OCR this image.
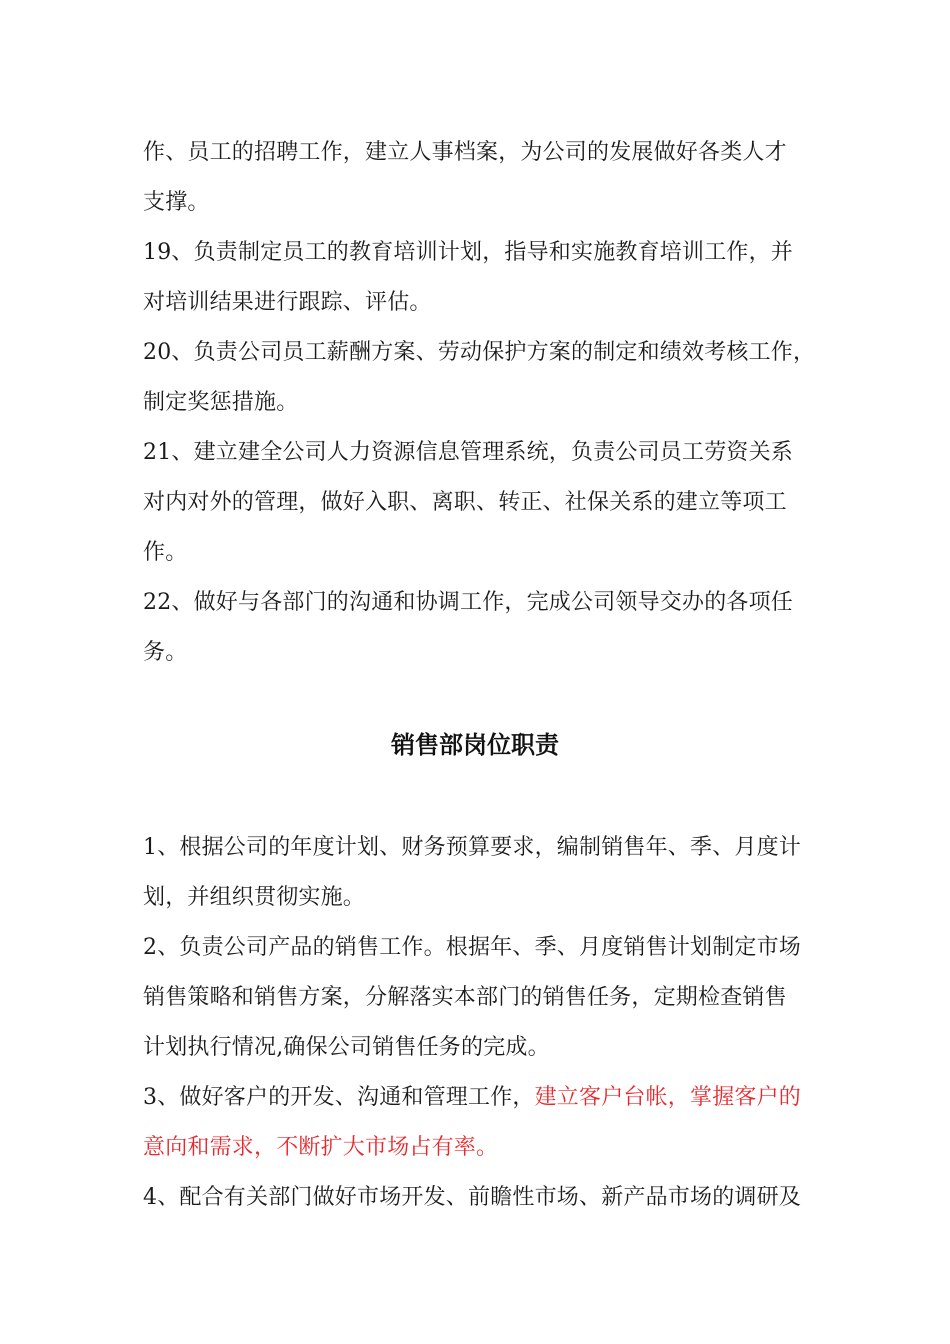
作、员工的招聘工作，建立人事档案，为公司的发展做好各类人才
支撑。
19、负责制定员工的教育培训计划，指导和实施教育培训工作，并
对培训结果进行跟踪、评估。
20、负责公司员工薪酬方案、劳动保护方案的制定和绩效考核工作，
制定奖惩措施。
21、建立建全公司人力资源信息管理系统，负责公司员工劳资关系
对内对外的管理，做好入职、离职、转正、社保关系的建立等项工
作。
22、做好与各部门的沟通和协调工作，完成公司领导交办的各项任
务。
销售部岗位职责
1、根据公司的年度计划、财务预算要求，编制销售年、季、月度计
划，并组织贯彻实施。
2、负责公司产品的销售工作。根据年、季、月度销售计划制定市场
销售策略和销售方案，分解落实本部门的销售任务，定期检查销售
计划执行情况,确保公司销售任务的完成。
3、做好客户的开发、沟通和管理工作，建立客户台帐，掌握客户的
意向和需求，不断扩大市场占有率。
4、配合有关部门做好市场开发、前瞻性市场、新产品市场的调研及
